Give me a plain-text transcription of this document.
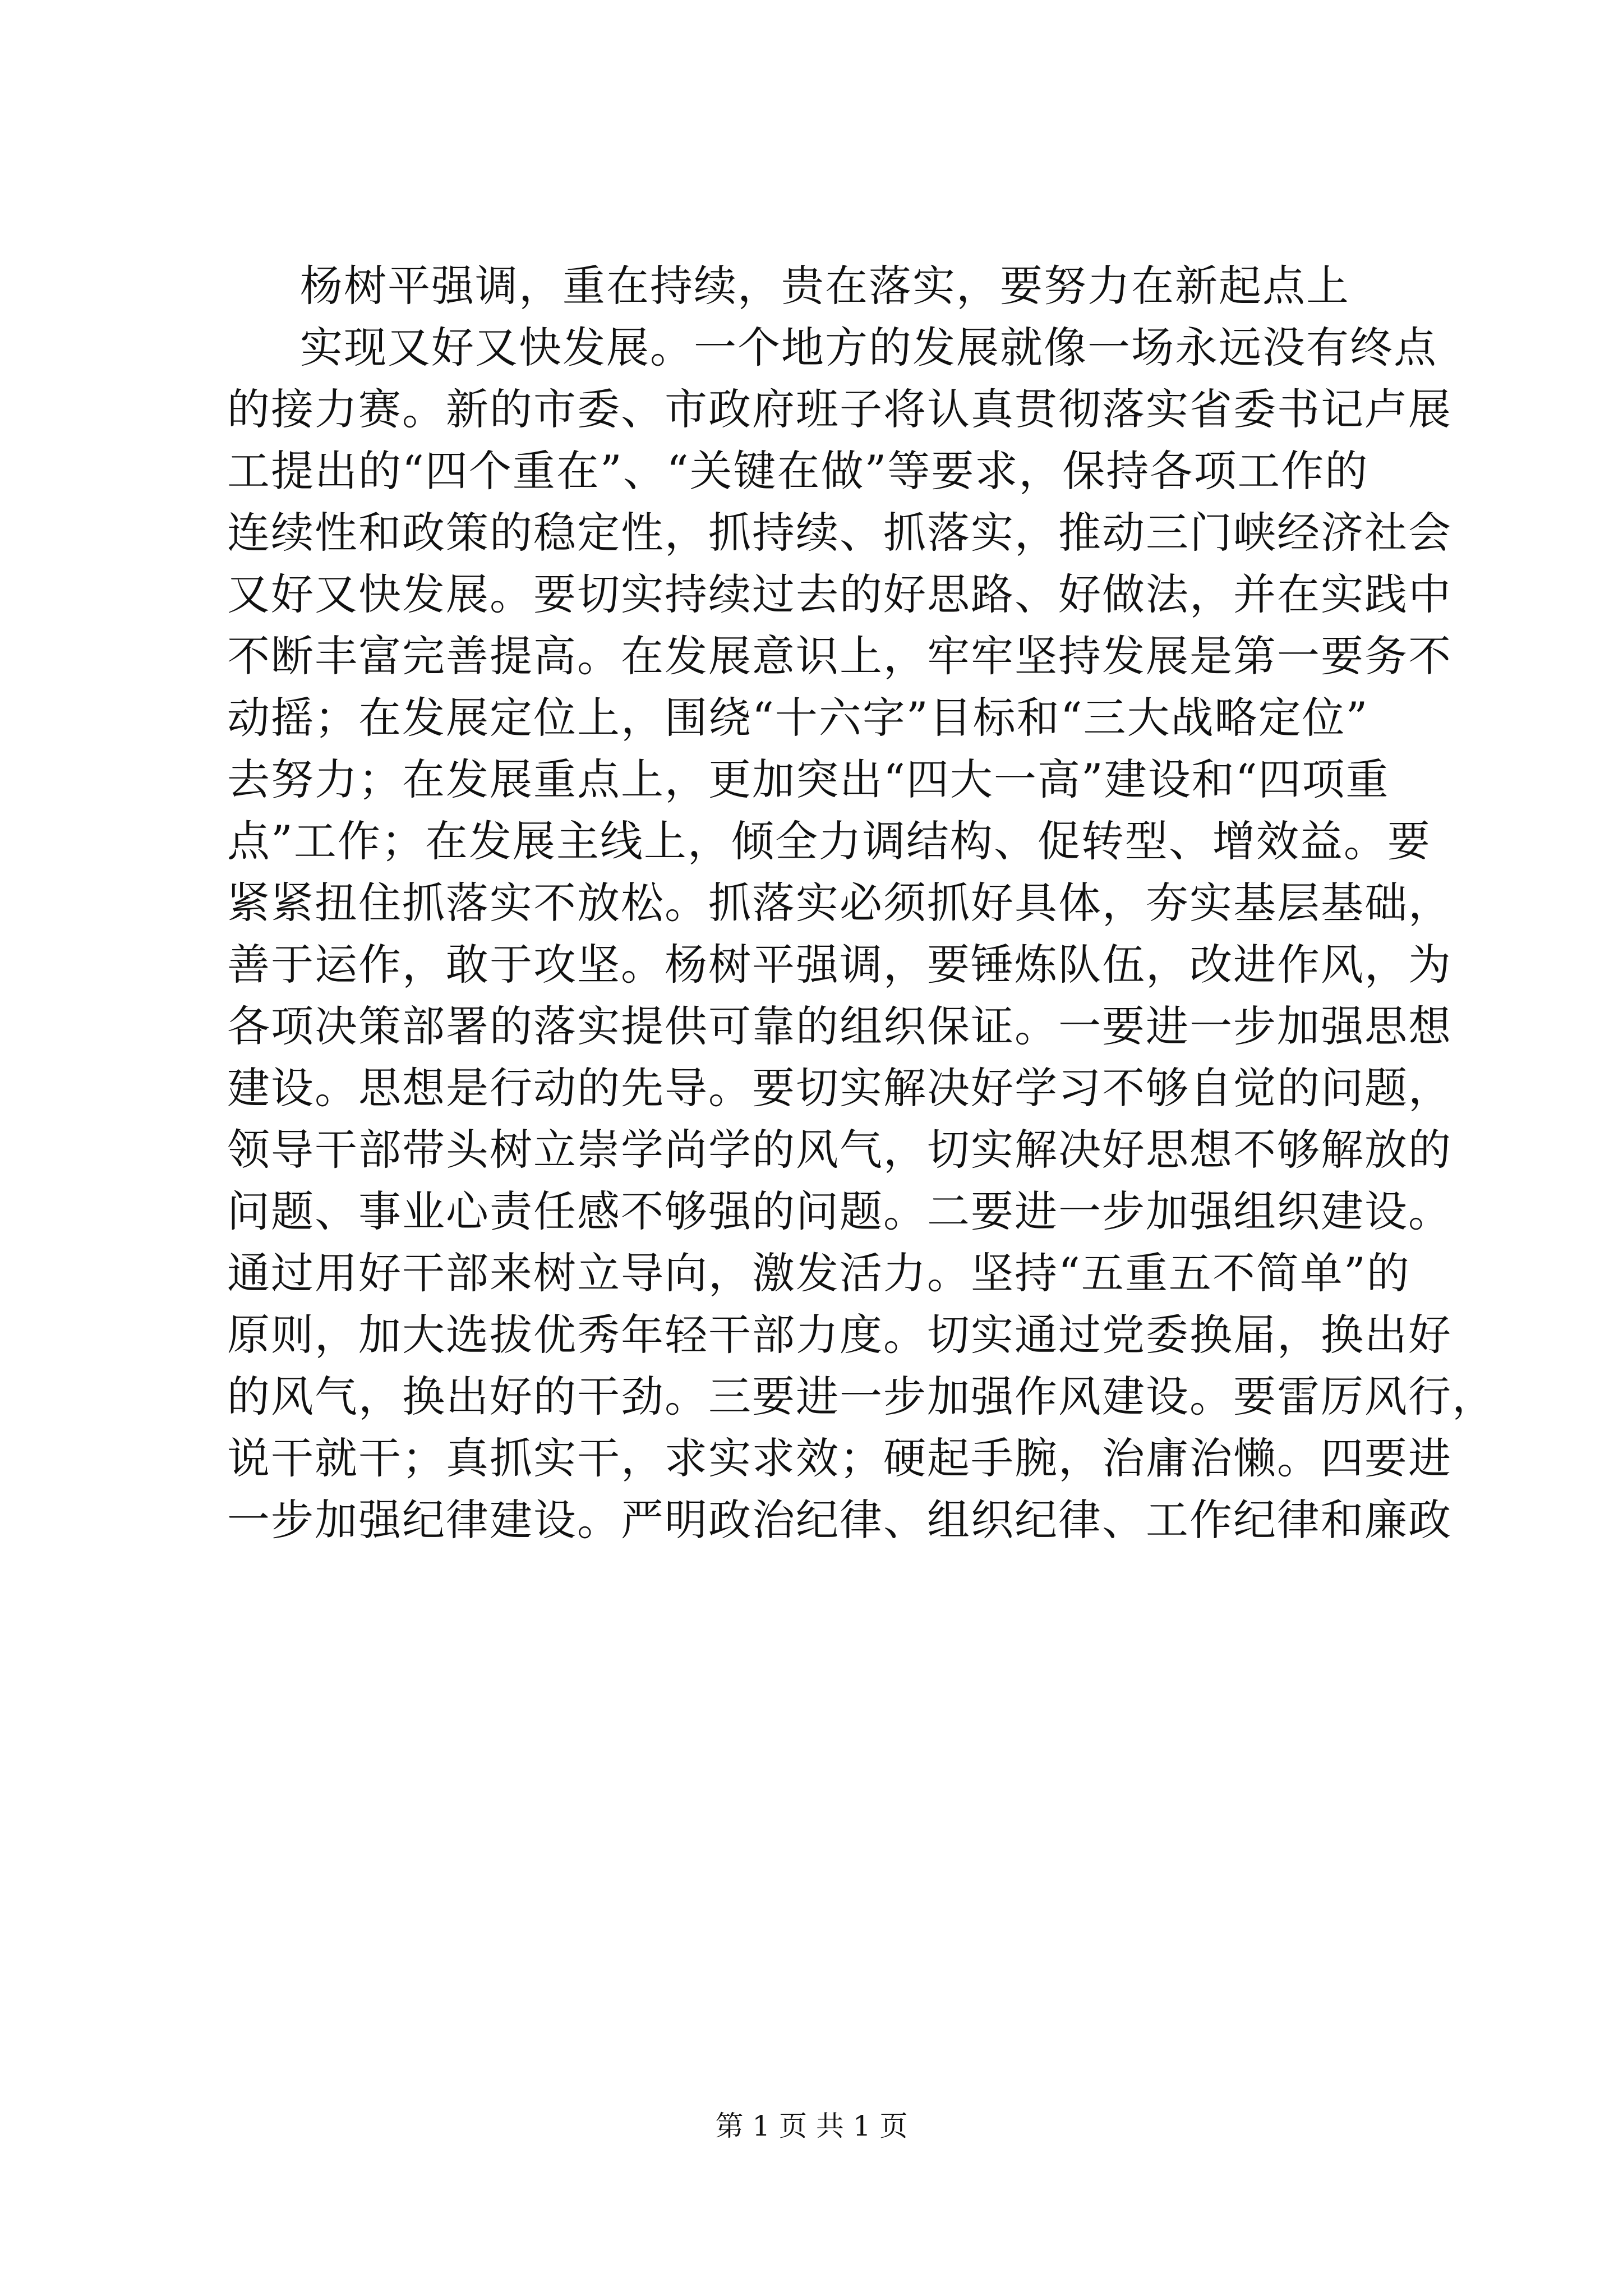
杨树平强调，重在持续，贵在落实，要努力在新起点上
实现又好又快发展。一个地方的发展就像一场永远没有终点
的接力赛。新的市委、市政府班子将认真贯彻落实省委书记卢展
工提出的“四个重在”、“关键在做”等要求，保持各项工作的
连续性和政策的稳定性，抓持续、抓落实，推动三门峡经济社会
又好又快发展。要切实持续过去的好思路、好做法，并在实践中
不断丰富完善提高。在发展意识上，牢牢坚持发展是第一要务不
动摇；在发展定位上，围绕“十六字”目标和“三大战略定位”
去努力；在发展重点上，更加突出“四大一高”建设和“四项重
点”工作；在发展主线上，倾全力调结构、促转型、增效益。要
紧紧扭住抓落实不放松。抓落实必须抓好具体，夯实基层基础，
善于运作，敢于攻坚。杨树平强调，要锤炼队伍，改进作风，为
各项决策部署的落实提供可靠的组织保证。一要进一步加强思想
建设。思想是行动的先导。要切实解决好学习不够自觉的问题，
领导干部带头树立崇学尚学的风气，切实解决好思想不够解放的
问题、事业心责任感不够强的问题。二要进一步加强组织建设。
通过用好干部来树立导向，激发活力。坚持“五重五不简单”的
原则，加大选拔优秀年轻干部力度。切实通过党委换届，换出好
的风气，换出好的干劲。三要进一步加强作风建设。要雷厉风行，
说干就干；真抓实干，求实求效；硬起手腕，治庸治懒。四要进
一步加强纪律建设。严明政治纪律、组织纪律、工作纪律和廉政
第 1 页 共 1 页
